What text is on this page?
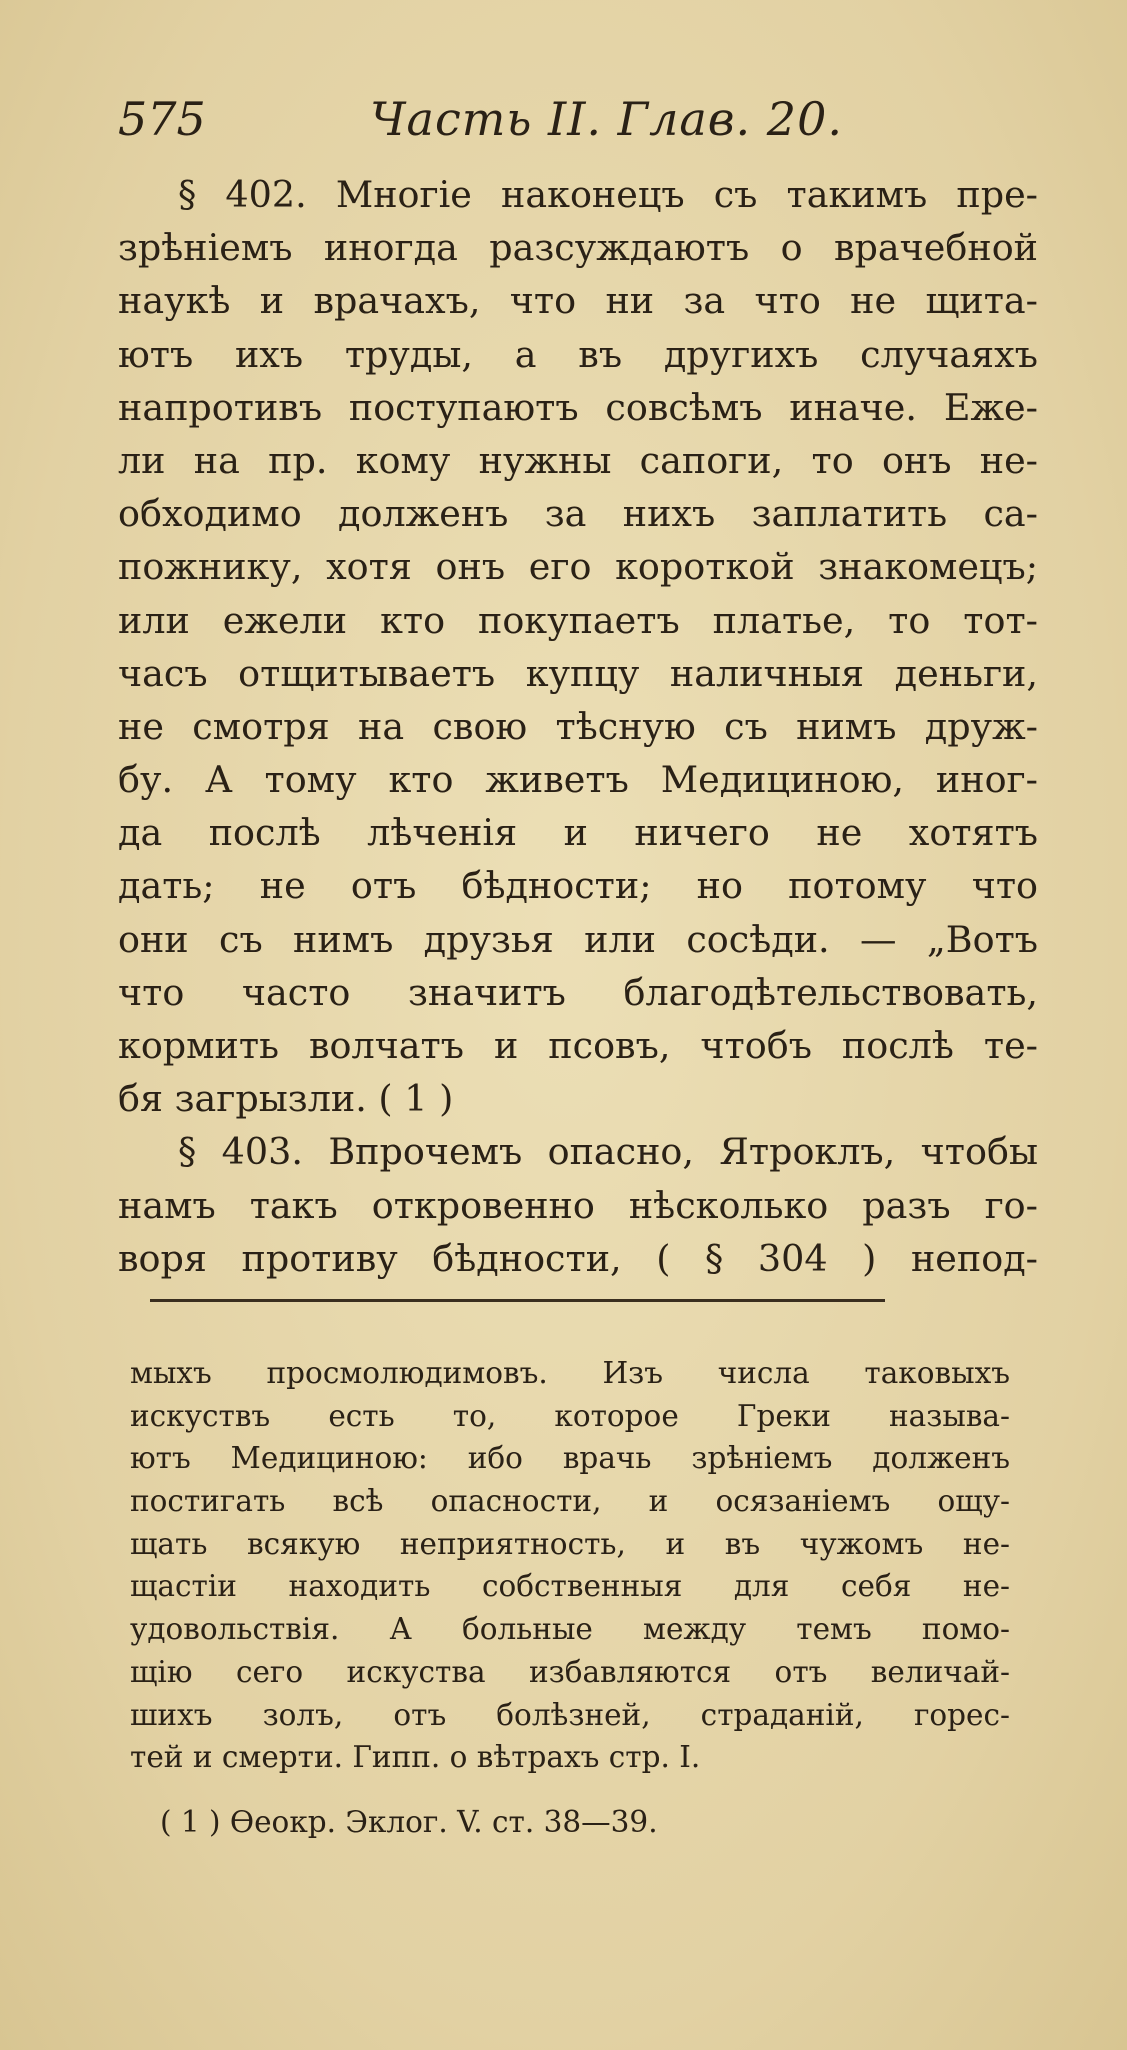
575	Часть II. Глав. 20.
§ 402. Многie наконецъ съ такимъ пре-
зрѣнiемъ иногда разсуждаютъ о врачебной
наукѣ и врачахъ, что ни за что не щита-
ютъ ихъ труды, а въ другихъ случаяхъ
напротивъ поступаютъ совсѣмъ иначе. Еже-
ли на пр. кому нужны сапоги, то онъ не-
обходимо долженъ за нихъ заплатить са-
пожнику, хотя онъ его короткой знакомецъ;
или ежели кто покупаетъ платье, то тот-
часъ отщитываетъ купцу наличныя деньги,
не смотря на свою тѣсную съ нимъ друж-
бу. А тому кто живетъ Медициною, иног-
да послѣ лѣченiя и ничего не хотятъ
дать; не отъ бѣдности; но потому что
они съ нимъ друзья или сосѣди. — „Вотъ
что часто значитъ благодѣтельствовать,
кормить волчатъ и псовъ, чтобъ послѣ те-
бя загрызли. ( 1 )
§ 403. Впрочемъ опасно, Ятроклъ, чтобы
намъ такъ откровенно нѣсколько разъ го-
воря противу бѣдности, ( § 304 ) непод-
мыхъ просмолюдимовъ. Изъ числа таковыхъ
искуствъ есть то, которое Греки называ-
ютъ Медициною: ибо врачь зрѣнiемъ долженъ
постигать всѣ опасности, и осязанiемъ ощу-
щать всякую неприятность, и въ чужомъ не-
щастiи находить собственныя для себя не-
удовольствiя. А больные между темъ помо-
щiю сего искуства избавляются отъ величай-
шихъ золъ, отъ болѣзней, страданiй, горес-
тей и смерти. Гипп. о вѣтрахъ стр. I.
( 1 ) Ѳеокр. Эклог. V. ст. 38—39.
